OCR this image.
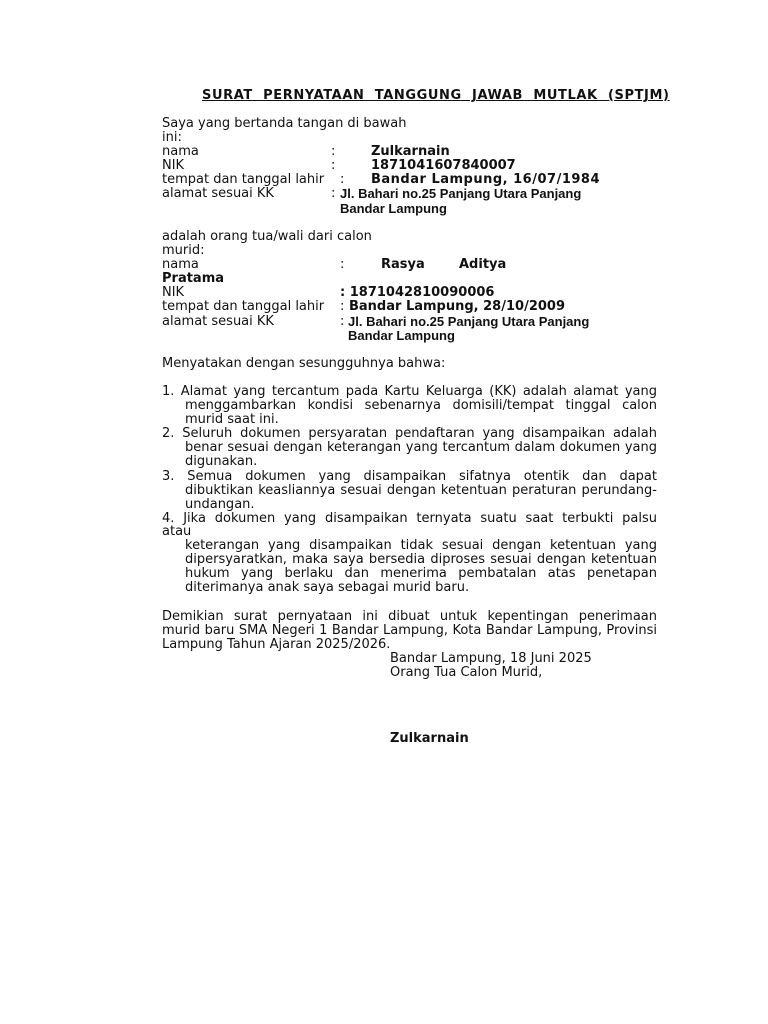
SURAT  PERNYATAAN  TANGGUNG  JAWAB  MUTLAK  (SPTJM)
Saya yang bertanda tangan di bawah
ini:
nama	:	Zulkarnain
NIK	:	1871041607840007
tempat dan tanggal lahir : Bandar Lampung, 16/07/1984
alamat sesuai KK	: Jl. Bahari no.25 Panjang Utara Panjang
Bandar Lampung
adalah orang tua/wali dari calon
murid:
nama	:	Rasya	Aditya
Pratama
NIK	: 1871042810090006
tempat dan tanggal lahir : Bandar Lampung, 28/10/2009
alamat sesuai KK	: Jl. Bahari no.25 Panjang Utara Panjang
Bandar Lampung
Menyatakan dengan sesungguhnya bahwa:
1. Alamat yang tercantum pada Kartu Keluarga (KK) adalah alamat yang
menggambarkan kondisi sebenarnya domisili/tempat tinggal calon
murid saat ini.
2. Seluruh dokumen persyaratan pendaftaran yang disampaikan adalah
benar sesuai dengan keterangan yang tercantum dalam dokumen yang
digunakan.
3. Semua dokumen yang disampaikan sifatnya otentik dan dapat
dibuktikan keasliannya sesuai dengan ketentuan peraturan perundang-
undangan.
4. Jika dokumen yang disampaikan ternyata suatu saat terbukti palsu
atau
keterangan yang disampaikan tidak sesuai dengan ketentuan yang
dipersyaratkan, maka saya bersedia diproses sesuai dengan ketentuan
hukum yang berlaku dan menerima pembatalan atas penetapan
diterimanya anak saya sebagai murid baru.
Demikian surat pernyataan ini dibuat untuk kepentingan penerimaan
murid baru SMA Negeri 1 Bandar Lampung, Kota Bandar Lampung, Provinsi
Lampung Tahun Ajaran 2025/2026.
Bandar Lampung, 18 Juni 2025
Orang Tua Calon Murid,
Zulkarnain
